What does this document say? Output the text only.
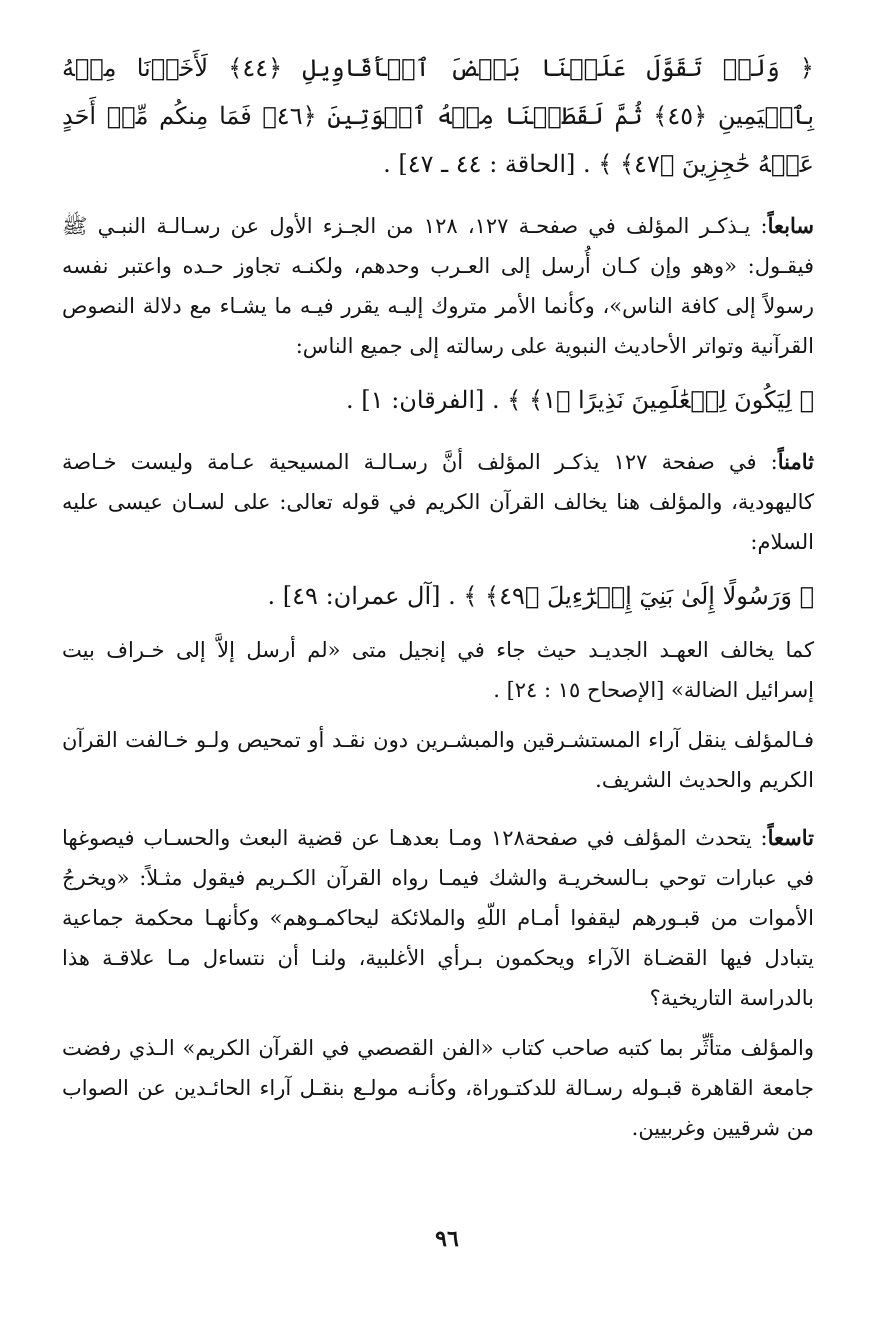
﴿ وَلَوۡ تَقَوَّلَ عَلَيۡنَا بَعۡضَ ٱلۡأَقَاوِيلِ ﴿٤٤﴾ لَأَخَذۡنَا مِنۡهُ بِٱلۡيَمِينِ ﴿٤٥﴾ ثُمَّ لَقَطَعۡنَا مِنۡهُ ٱلۡوَتِينَ ﴿٤٦﴾ فَمَا مِنكُم مِّنۡ أَحَدٍ عَنۡهُ حَٰجِزِينَ ﴿٤٧﴾ ﴾ . [الحاقة : ٤٤ ـ ٤٧] .

سابعاً: يـذكـر المؤلف في صفحـة ١٢٧، ١٢٨ من الجـزء الأول عن رسـالـة النبـي ﷺ فيقـول: «وهو وإن كـان أُرسل إلى العـرب وحدهم، ولكنـه تجاوز حـده واعتبر نفسه رسولاً إلى كافة الناس»، وكأنما الأمر متروك إليـه يقرر فيـه ما يشـاء مع دلالة النصوص القرآنية وتواتر الأحاديث النبوية على رسالته إلى جميع الناس:

﴿ لِيَكُونَ لِلۡعَٰلَمِينَ نَذِيرًا ﴿١﴾ ﴾ . [الفرقان: ١] .

ثامناً: في صفحة ١٢٧ يذكـر المؤلف أنَّ رسـالـة المسيحية عـامة وليست خـاصة كاليهودية، والمؤلف هنا يخالف القرآن الكريم في قوله تعالى: على لسـان عيسى عليه السلام:

﴿ وَرَسُولًا إِلَىٰ بَنِيٓ إِسۡرَٰٓءِيلَ ﴿٤٩﴾ ﴾ . [آل عمران: ٤٩] .

كما يخالف العهـد الجديـد حيث جاء في إنجيل متى «لم أرسل إلاَّ إلى خـراف بيت إسرائيل الضالة» [الإصحاح ١٥ : ٢٤] .

فـالمؤلف ينقل آراء المستشـرقين والمبشـرين دون نقـد أو تمحيص ولـو خـالفت القرآن الكريم والحديث الشريف.

تاسعاً: يتحدث المؤلف في صفحة١٢٨ ومـا بعدهـا عن قضية البعث والحسـاب فيصوغها في عبارات توحي بـالسخريـة والشك فيمـا رواه القرآن الكـريم فيقول مثـلاً: «ويخرجُ الأموات من قبـورهم ليقفوا أمـام اللّهِ والملائكة ليحاكمـوهم» وكأنهـا محكمة جماعية يتبادل فيها القضـاة الآراء ويحكمون بـرأي الأغلبية، ولنـا أن نتساءل مـا علاقـة هذا بالدراسة التاريخية؟

والمؤلف متأثِّر بما كتبه صاحب كتاب «الفن القصصي في القرآن الكريم» الـذي رفضت جامعة القاهرة قبـوله رسـالة للدكتـوراة، وكأنـه مولـع بنقـل آراء الحائـدين عن الصواب من شرقيين وغربيين.

٩٦
